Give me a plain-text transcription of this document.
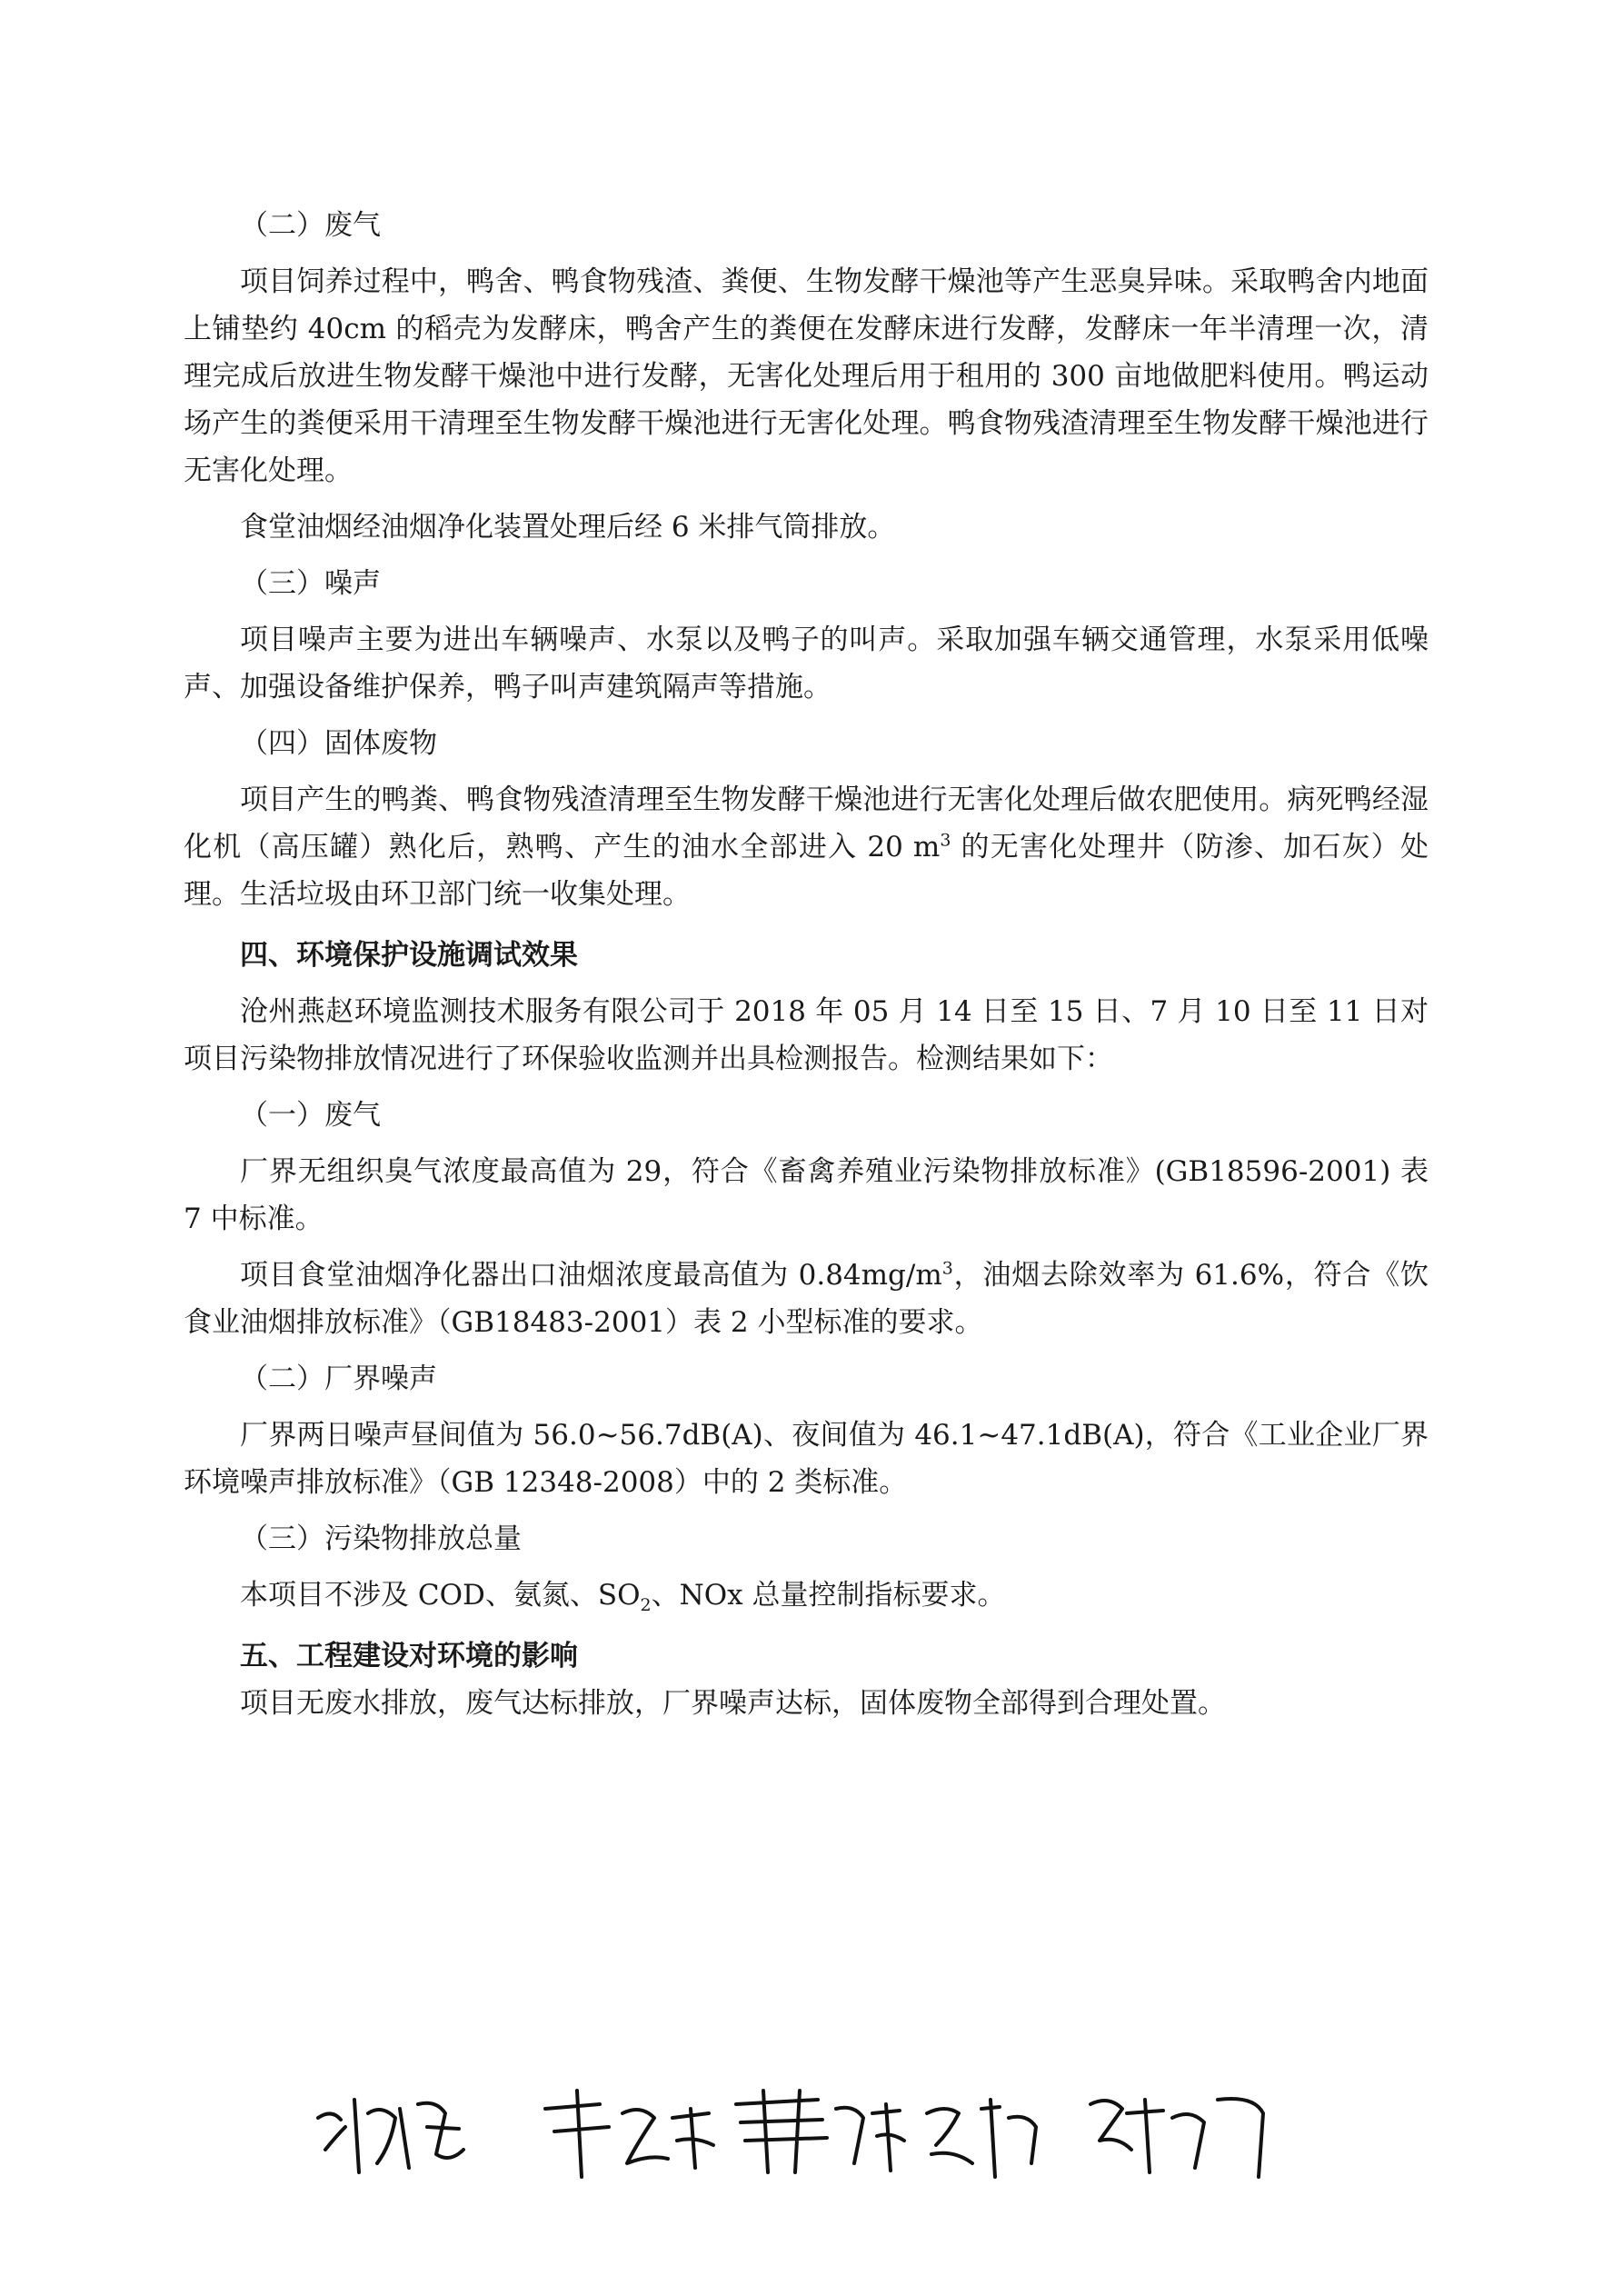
（二）废气

项目饲养过程中，鸭舍、鸭食物残渣、粪便、生物发酵干燥池等产生恶臭异味。采取鸭舍内地面上铺垫约 40cm 的稻壳为发酵床，鸭舍产生的粪便在发酵床进行发酵，发酵床一年半清理一次，清理完成后放进生物发酵干燥池中进行发酵，无害化处理后用于租用的 300 亩地做肥料使用。鸭运动场产生的粪便采用干清理至生物发酵干燥池进行无害化处理。鸭食物残渣清理至生物发酵干燥池进行无害化处理。

食堂油烟经油烟净化装置处理后经 6 米排气筒排放。

（三）噪声

项目噪声主要为进出车辆噪声、水泵以及鸭子的叫声。采取加强车辆交通管理，水泵采用低噪声、加强设备维护保养，鸭子叫声建筑隔声等措施。

（四）固体废物

项目产生的鸭粪、鸭食物残渣清理至生物发酵干燥池进行无害化处理后做农肥使用。病死鸭经湿化机（高压罐）熟化后，熟鸭、产生的油水全部进入 20 $m^3$ 的无害化处理井（防渗、加石灰）处理。生活垃圾由环卫部门统一收集处理。

四、环境保护设施调试效果

沧州燕赵环境监测技术服务有限公司于 2018 年 05 月 14 日至 15 日、7 月 10 日至 11 日对项目污染物排放情况进行了环保验收监测并出具检测报告。检测结果如下：

（一）废气

厂界无组织臭气浓度最高值为 29，符合《畜禽养殖业污染物排放标准》(GB18596-2001) 表 7 中标准。

项目食堂油烟净化器出口油烟浓度最高值为 $0.84mg/m^3$，油烟去除效率为 61.6%，符合《饮食业油烟排放标准》（GB18483-2001）表 2 小型标准的要求。

（二）厂界噪声

厂界两日噪声昼间值为 56.0~56.7dB(A)、夜间值为 46.1~47.1dB(A)，符合《工业企业厂界环境噪声排放标准》（GB 12348-2008）中的 2 类标准。

（三）污染物排放总量

本项目不涉及 COD、氨氮、$SO_2$、NOx 总量控制指标要求。

五、工程建设对环境的影响

项目无废水排放，废气达标排放，厂界噪声达标，固体废物全部得到合理处置。
